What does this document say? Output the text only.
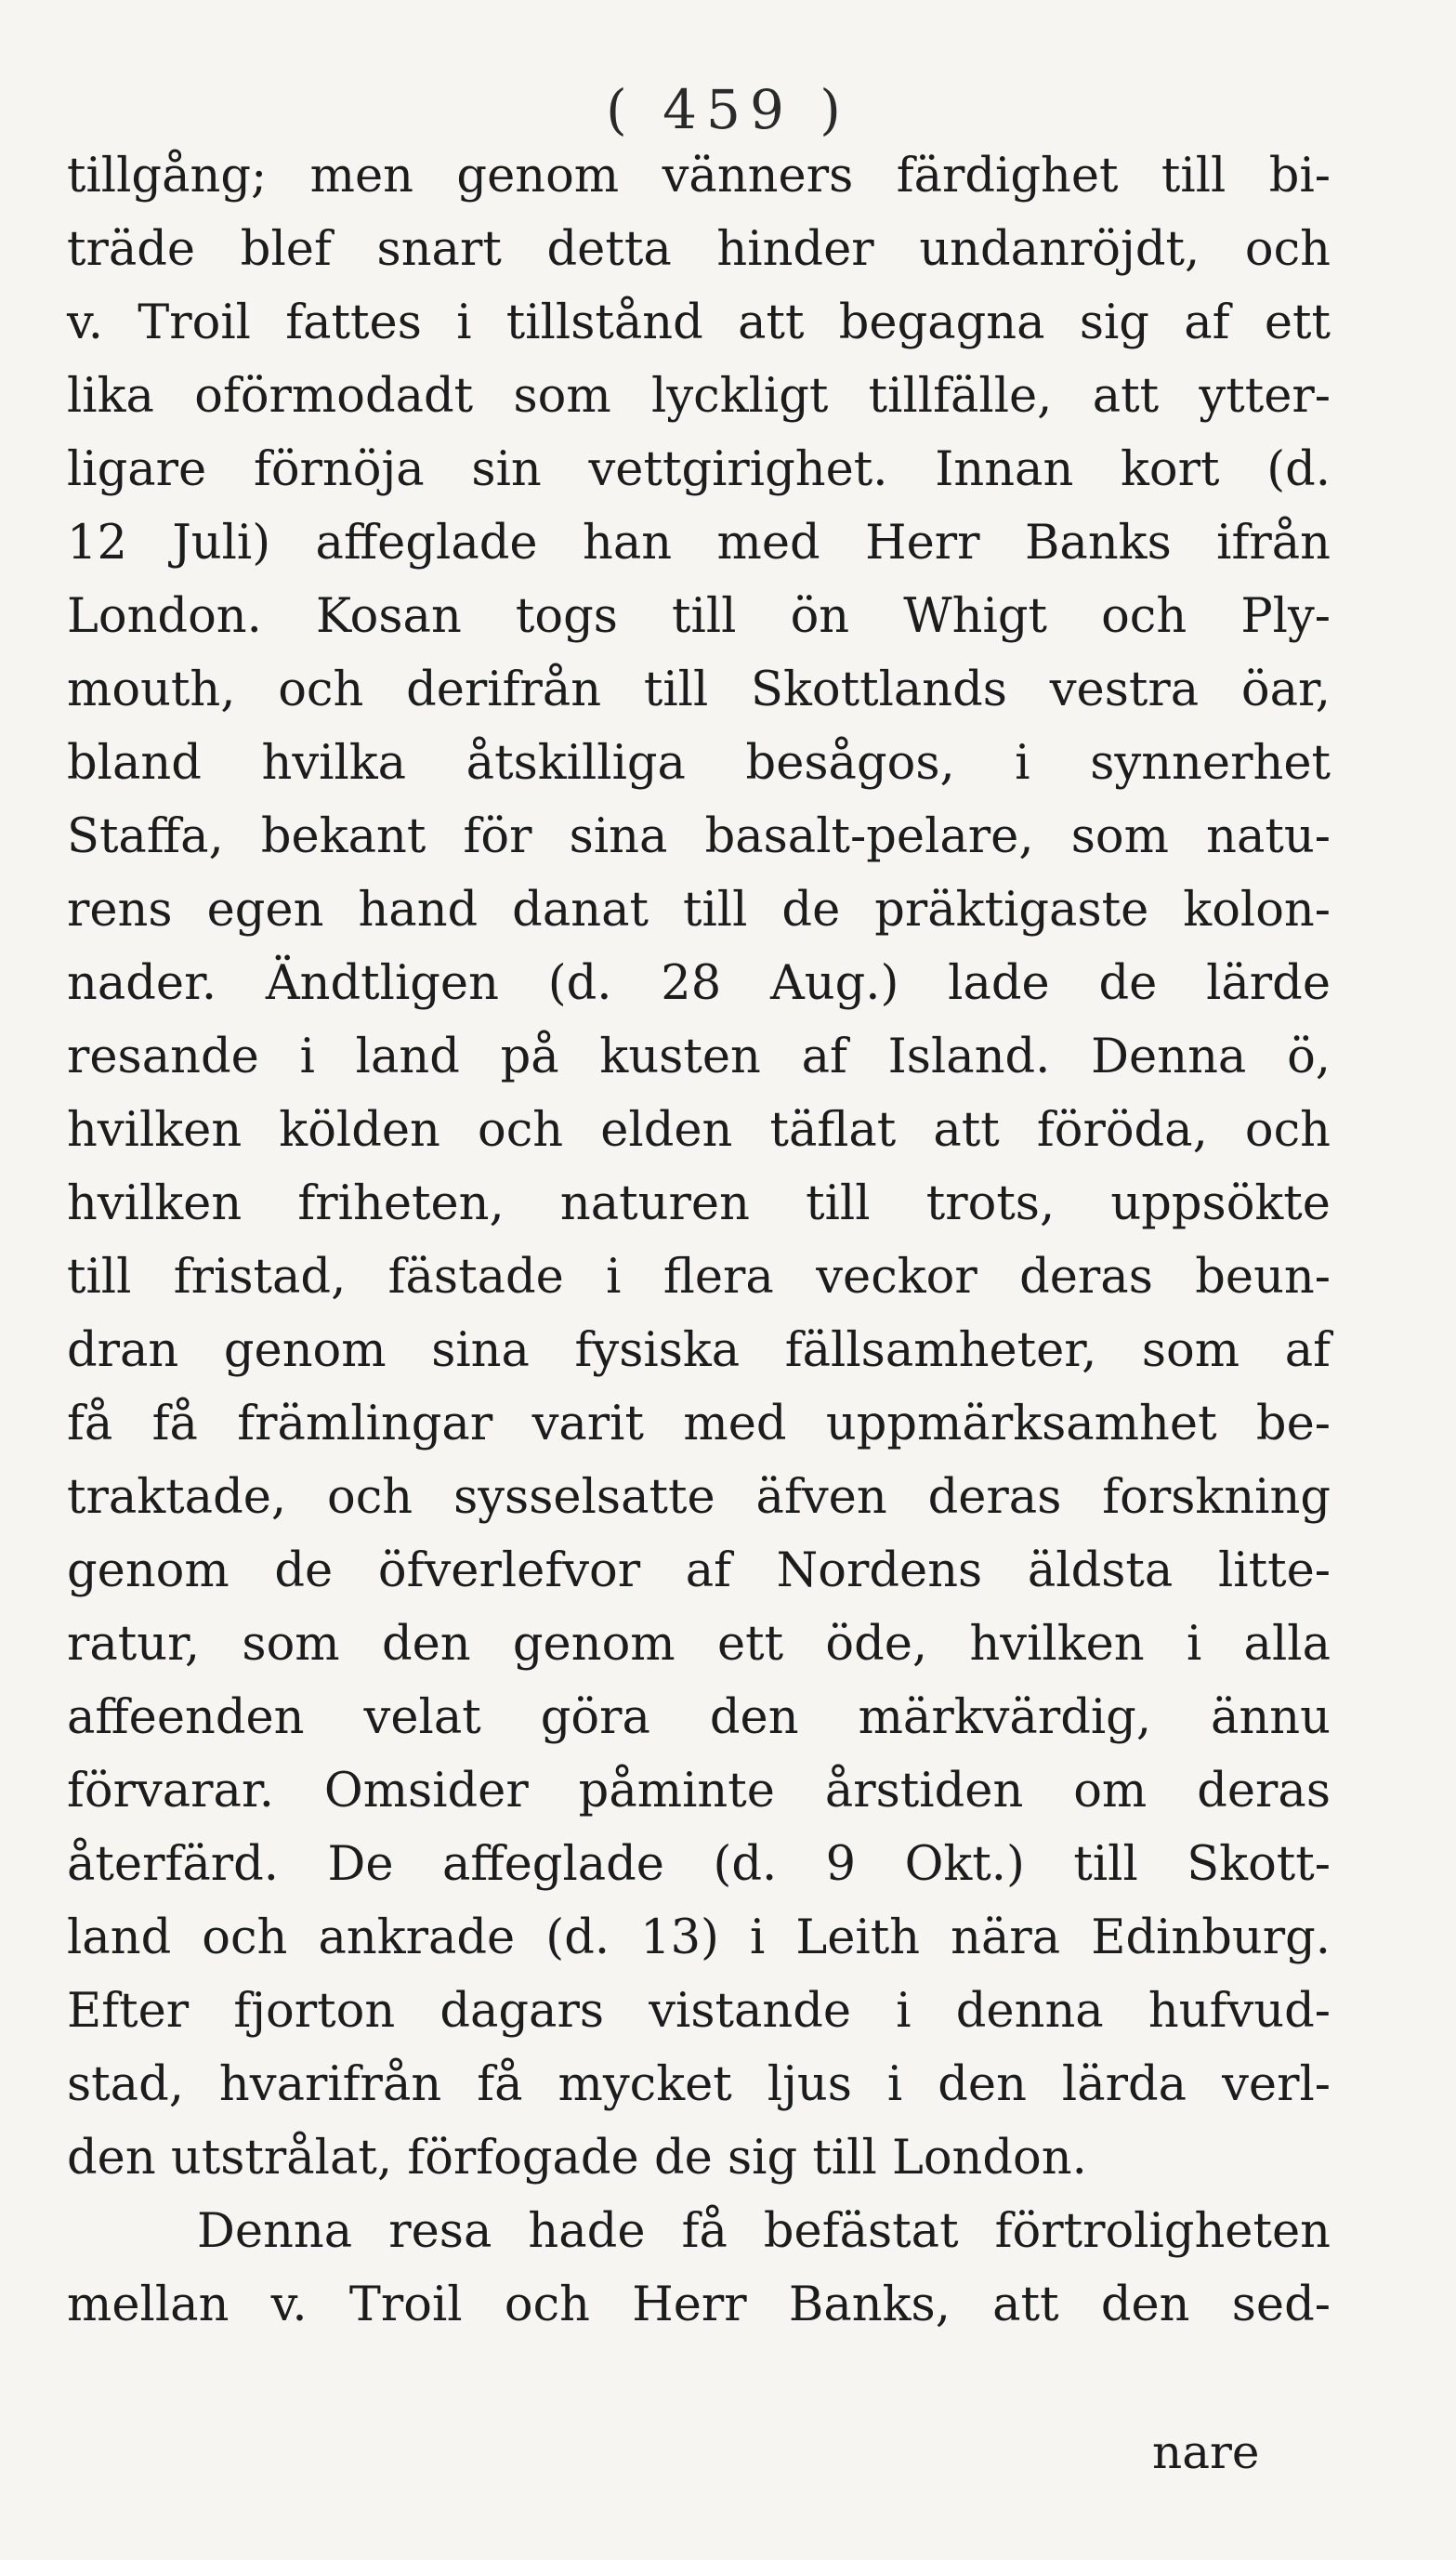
( 459 )
tillgång; men genom vänners färdighet till bi-
träde blef snart detta hinder undanröjdt, och
v. Troil fattes i tillstånd att begagna sig af ett
lika oförmodadt som lyckligt tillfälle, att ytter-
ligare förnöja sin vettgirighet. Innan kort (d.
12 Juli) affeglade han med Herr Banks ifrån
London. Kosan togs till ön Whigt och Ply-
mouth, och derifrån till Skottlands vestra öar,
bland hvilka åtskilliga besågos, i synnerhet
Staffa, bekant för sina basalt-pelare, som natu-
rens egen hand danat till de präktigaste kolon-
nader. Ändtligen (d. 28 Aug.) lade de lärde
resande i land på kusten af Island. Denna ö,
hvilken kölden och elden täflat att föröda, och
hvilken friheten, naturen till trots, uppsökte
till fristad, fästade i flera veckor deras beun-
dran genom sina fysiska fällsamheter, som af
få få främlingar varit med uppmärksamhet be-
traktade, och sysselsatte äfven deras forskning
genom de öfverlefvor af Nordens äldsta litte-
ratur, som den genom ett öde, hvilken i alla
affeenden velat göra den märkvärdig, ännu
förvarar. Omsider påminte årstiden om deras
återfärd. De affeglade (d. 9 Okt.) till Skott-
land och ankrade (d. 13) i Leith nära Edinburg.
Efter fjorton dagars vistande i denna hufvud-
stad, hvarifrån få mycket ljus i den lärda verl-
den utstrålat, förfogade de sig till London.
Denna resa hade få befästat förtroligheten
mellan v. Troil och Herr Banks, att den sed-
nare
